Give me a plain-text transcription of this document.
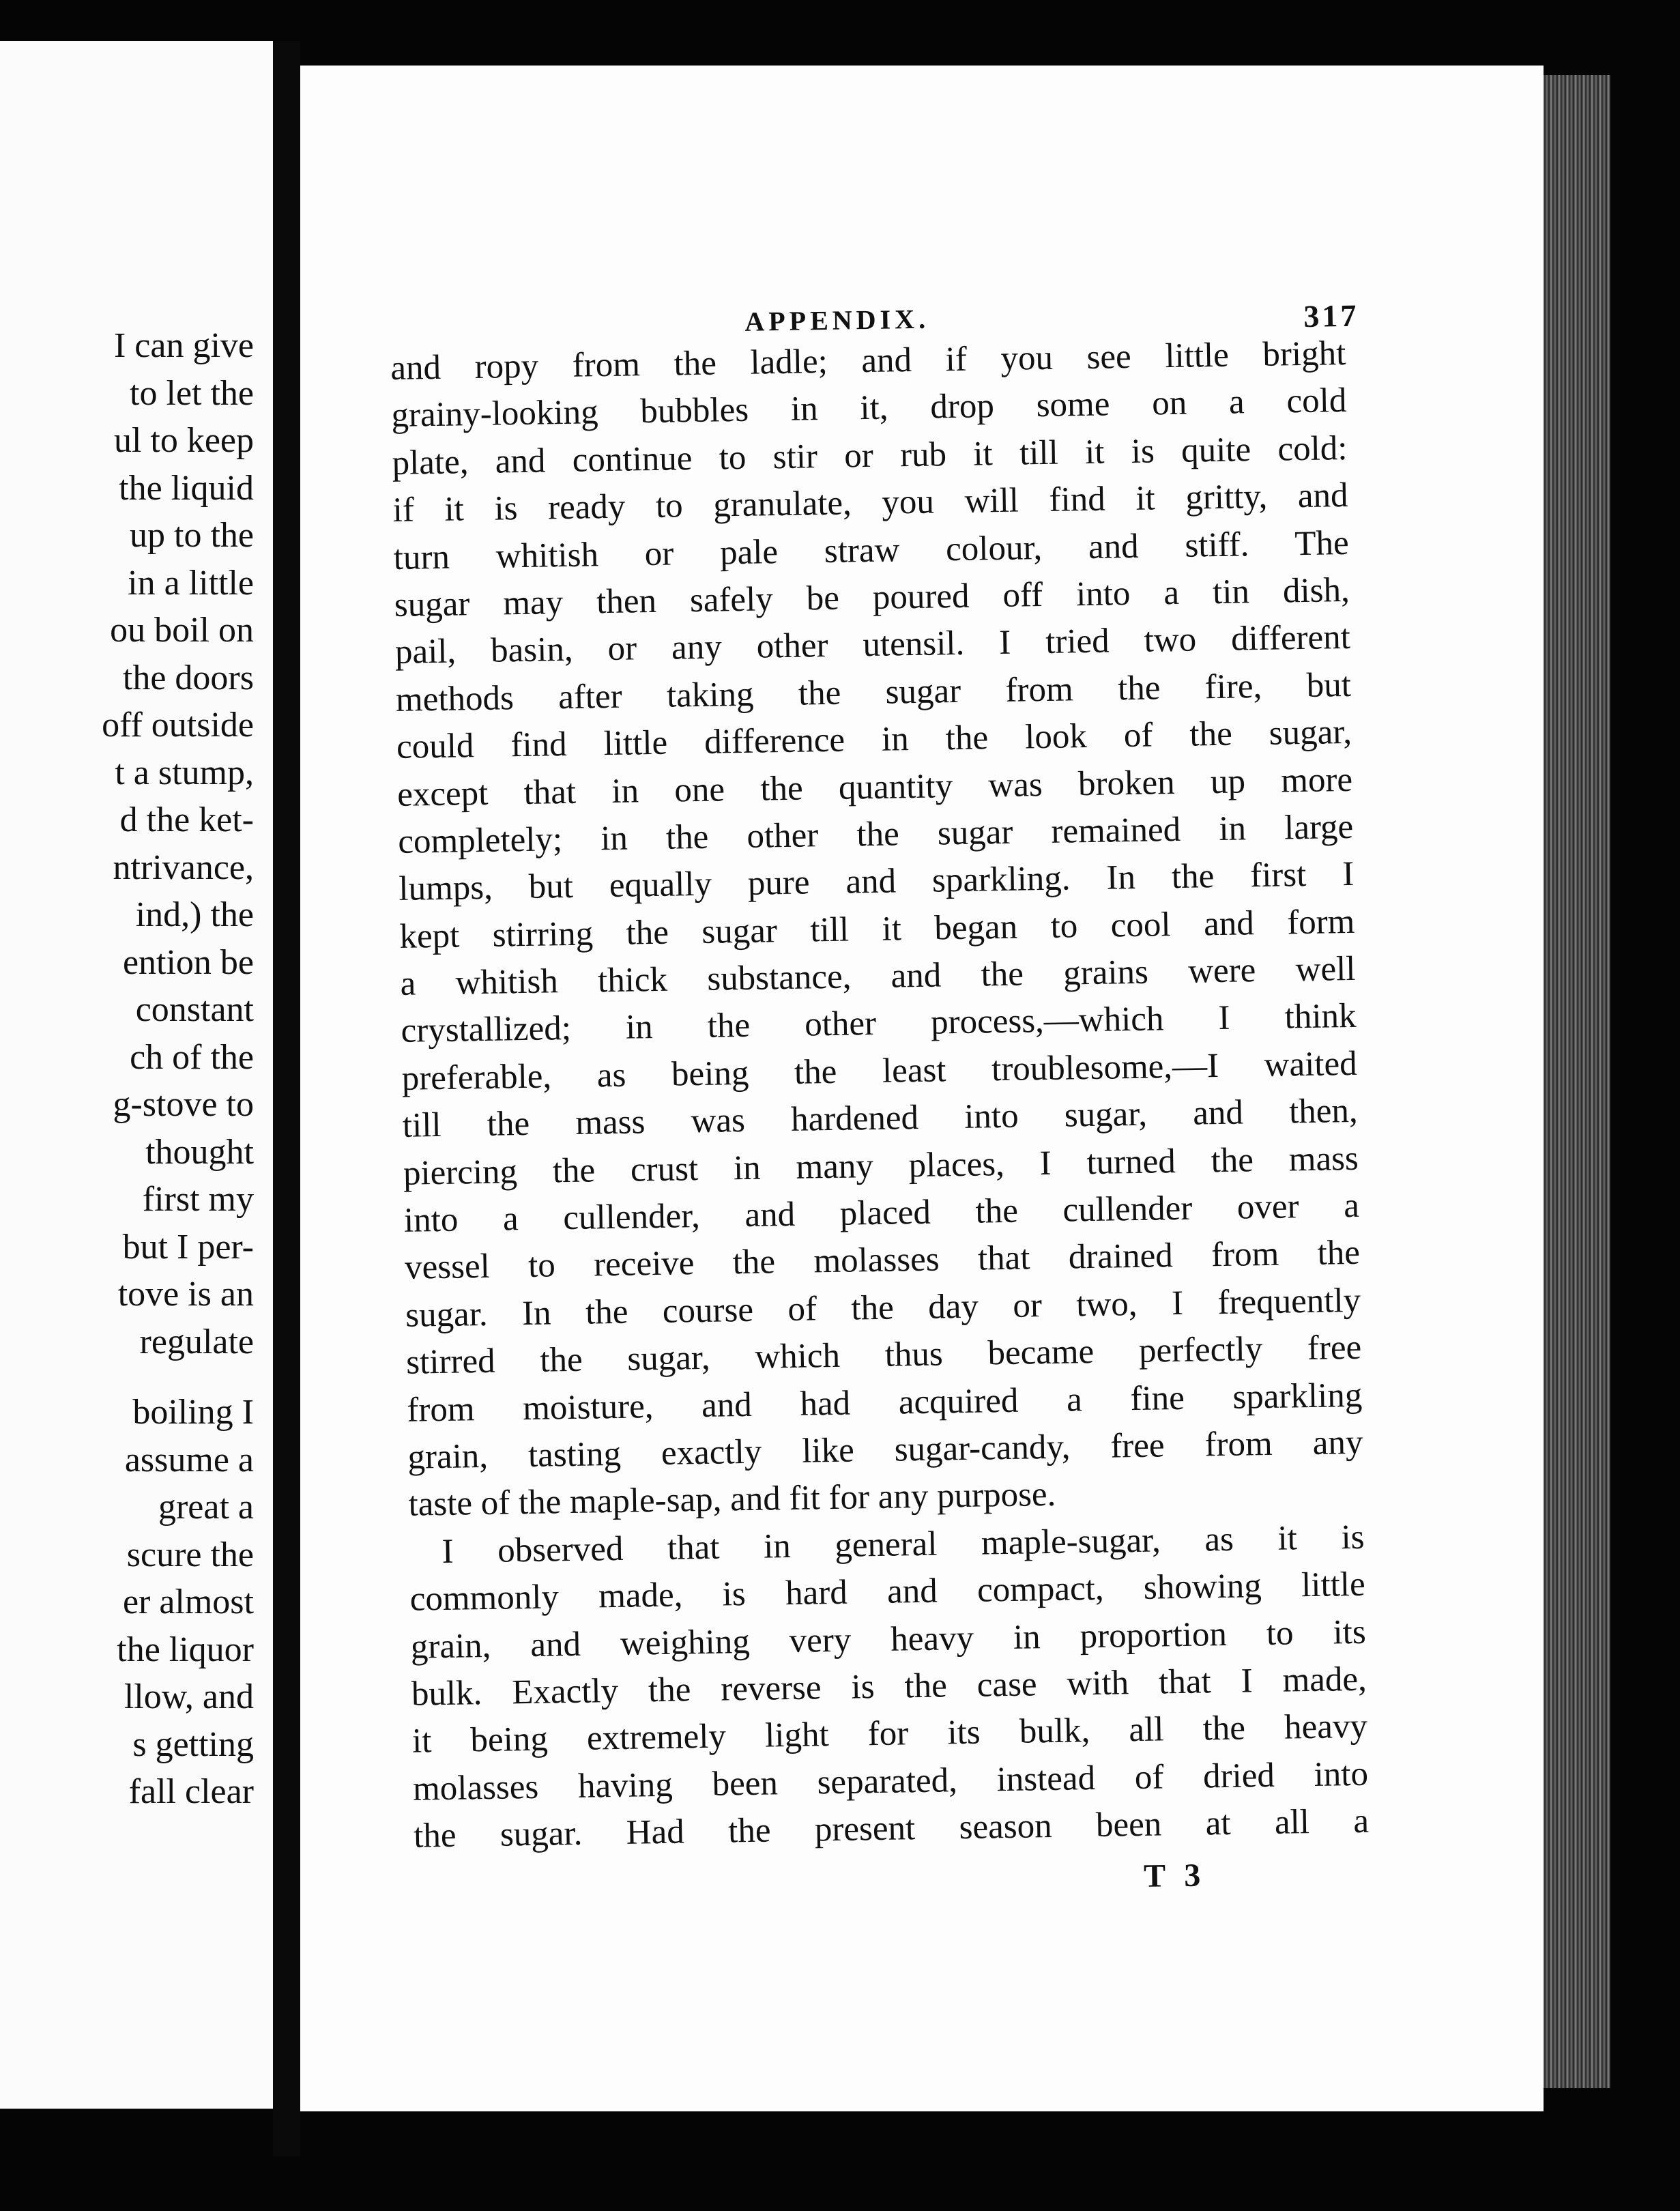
I can give
to let the
ul to keep
the liquid
up to the
in a little
ou boil on
the doors
off outside
t a stump,
d the ket-
ntrivance,
ind,) the
ention be
constant
ch of the
g-stove to
thought
first my
but I per-
tove is an
regulate
boiling I
assume a
great a
scure the
er almost
the liquor
llow, and
s getting
fall clear
APPENDIX.	317
and ropy from the ladle; and if you see little bright
grainy-looking bubbles in it, drop some on a cold
plate, and continue to stir or rub it till it is quite cold:
if it is ready to granulate, you will find it gritty, and
turn whitish or pale straw colour, and stiff. The
sugar may then safely be poured off into a tin dish,
pail, basin, or any other utensil. I tried two different
methods after taking the sugar from the fire, but
could find little difference in the look of the sugar,
except that in one the quantity was broken up more
completely; in the other the sugar remained in large
lumps, but equally pure and sparkling. In the first I
kept stirring the sugar till it began to cool and form
a whitish thick substance, and the grains were well
crystallized; in the other process,—which I think
preferable, as being the least troublesome,—I waited
till the mass was hardened into sugar, and then,
piercing the crust in many places, I turned the mass
into a cullender, and placed the cullender over a
vessel to receive the molasses that drained from the
sugar. In the course of the day or two, I frequently
stirred the sugar, which thus became perfectly free
from moisture, and had acquired a fine sparkling
grain, tasting exactly like sugar-candy, free from any
taste of the maple-sap, and fit for any purpose.
I observed that in general maple-sugar, as it is
commonly made, is hard and compact, showing little
grain, and weighing very heavy in proportion to its
bulk. Exactly the reverse is the case with that I made,
it being extremely light for its bulk, all the heavy
molasses having been separated, instead of dried into
the sugar. Had the present season been at all a
T 3
